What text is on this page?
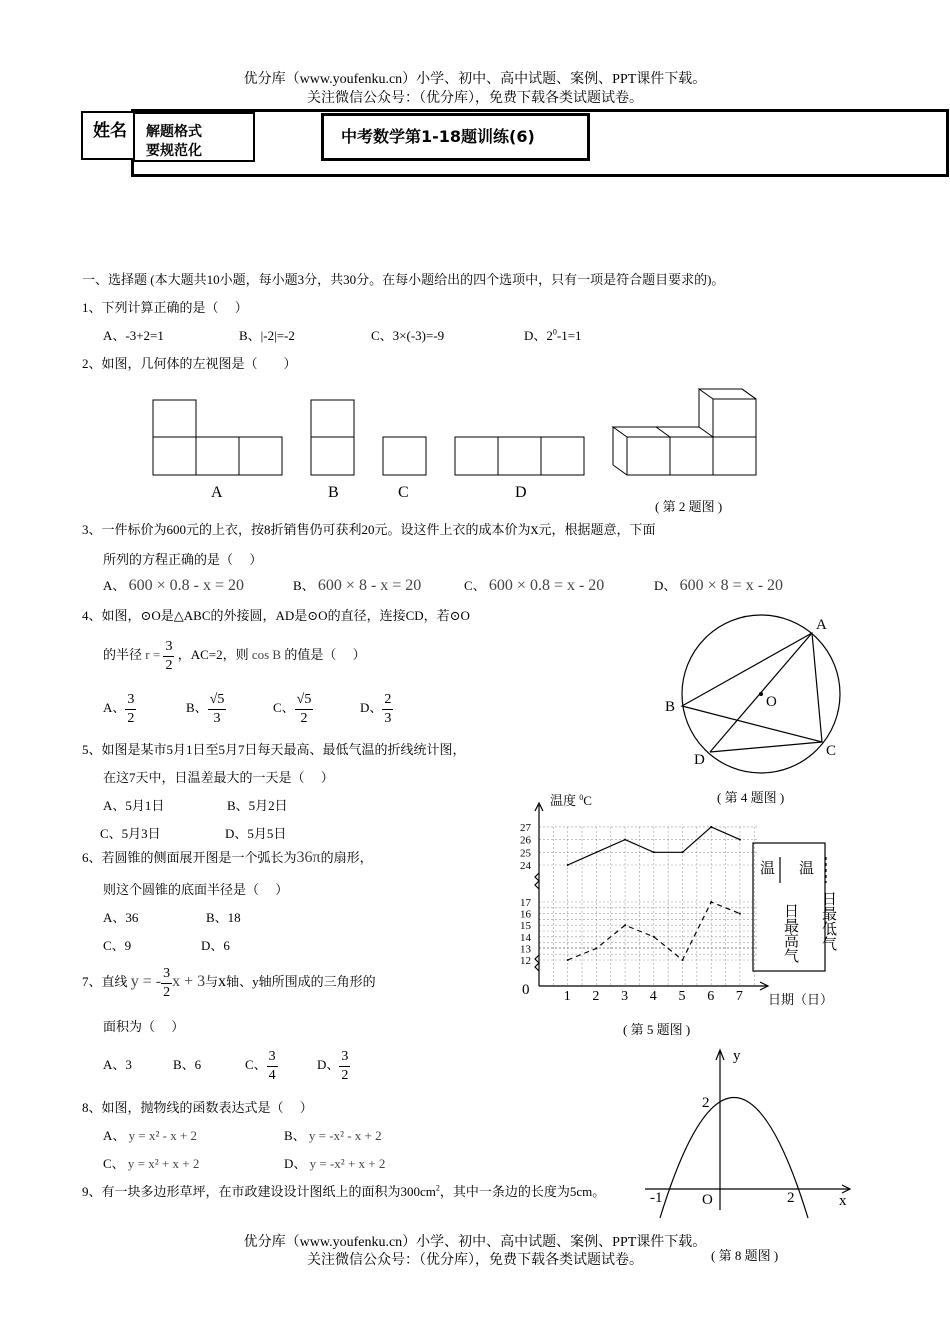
优分库（www.youfenku.cn）小学、初中、高中试题、案例、PPT课件下载。
关注微信公众号：（优分库），免费下载各类试题试卷。
姓名 解题格式
要规范化
中考数学第1-18题训练(6)
一、选择题 (本大题共10小题，每小题3分，共30分。在每小题给出的四个选项中，只有一项是符合题目要求的)。
1、下列计算正确的是（　 ）
A、-3+2=1	B、|-2|=-2	C、3×(-3)=-9	D、$2^0-1=1$
2、如图，几何体的左视图是（　　）
A	B	C	D
( 第 2 题图 )
3、一件标价为600元的上衣，按8折销售仍可获利20元。设这件上衣的成本价为x元，根据题意，下面
所列的方程正确的是（　 ）
A、 600 × 0.8 - x = 20	B、 600 × 8 - x = 20	C、 600 × 0.8 = x - 20	D、 600 × 8 = x - 20
4、如图，⊙O是△ABC的外接圆，AD是⊙O的直径，连接CD，若⊙O
的半径 $r = \frac{3}{2}$ ，AC=2，则 cos B 的值是（　 ）
A、 $\frac{3}{2}$	B、 $\frac{√5}{3}$	C、 $\frac{√5}{2}$	D、 $\frac{2}{3}$
A
B
C
D
O
( 第 4 题图 )
5、如图是某市5月1日至5月7日每天最高、最低气温的折线统计图，
在这7天中，日温差最大的一天是（　 ）
A、5月1日	B、5月2日
C、5月3日	D、5月5日
12
13
14
15
16
17
24
25
26
27
1 2 3 4 5 6 7
温度 $^0$C
0
日期（日）
温 温
日最高气 日最低气
( 第 5 题图 )
6、若圆锥的侧面展开图是一个弧长为36π的扇形，
则这个圆锥的底面半径是（　 ）
A、36	B、18
C、9	D、6
7、直线 y = - $\frac{3}{2}$ x + 3与x轴、y轴所围成的三角形的
面积为（　 ）
A、3	B、6	C、 $\frac{3}{4}$	D、 $\frac{3}{2}$
8、如图，抛物线的函数表达式是（　 ）
A、 y = x² - x + 2	B、 y = -x² - x + 2
C、 y = x² + x + 2	D、 y = -x² + x + 2
y
x
2
-1	2
O
( 第 8 题图 )
9、有一块多边形草坪，在市政建设设计图纸上的面积为$300cm^2$，其中一条边的长度为5cm。
优分库（www.youfenku.cn）小学、初中、高中试题、案例、PPT课件下载。
关注微信公众号：（优分库），免费下载各类试题试卷。
